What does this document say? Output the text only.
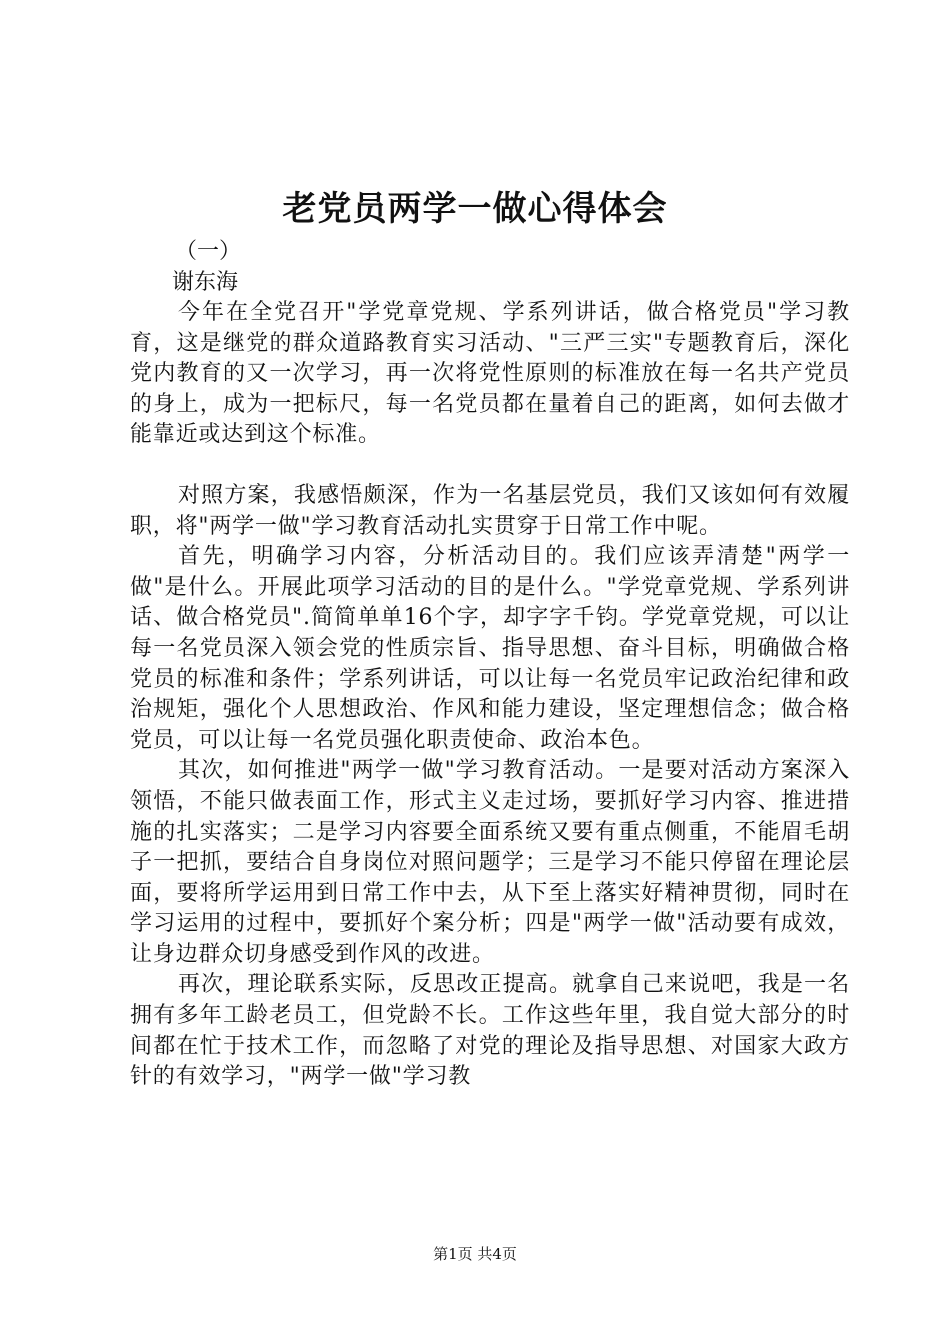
老党员两学一做心得体会
（一）
谢东海

今年在全党召开"学党章党规、学系列讲话，做合格党员"学习教育，这是继党的群众道路教育实习活动、"三严三实"专题教育后，深化党内教育的又一次学习，再一次将党性原则的标准放在每一名共产党员的身上，成为一把标尺，每一名党员都在量着自己的距离，如何去做才能靠近或达到这个标准。

对照方案，我感悟颇深，作为一名基层党员，我们又该如何有效履职，将"两学一做"学习教育活动扎实贯穿于日常工作中呢。

首先，明确学习内容，分析活动目的。我们应该弄清楚"两学一做"是什么。开展此项学习活动的目的是什么。"学党章党规、学系列讲话、做合格党员".简简单单16个字，却字字千钧。学党章党规，可以让每一名党员深入领会党的性质宗旨、指导思想、奋斗目标，明确做合格党员的标准和条件；学系列讲话，可以让每一名党员牢记政治纪律和政治规矩，强化个人思想政治、作风和能力建设，坚定理想信念；做合格党员，可以让每一名党员强化职责使命、政治本色。

其次，如何推进"两学一做"学习教育活动。一是要对活动方案深入领悟，不能只做表面工作，形式主义走过场，要抓好学习内容、推进措施的扎实落实；二是学习内容要全面系统又要有重点侧重，不能眉毛胡子一把抓，要结合自身岗位对照问题学；三是学习不能只停留在理论层面，要将所学运用到日常工作中去，从下至上落实好精神贯彻，同时在学习运用的过程中，要抓好个案分析；四是"两学一做"活动要有成效，让身边群众切身感受到作风的改进。

再次，理论联系实际，反思改正提高。就拿自己来说吧，我是一名拥有多年工龄老员工，但党龄不长。工作这些年里，我自觉大部分的时间都在忙于技术工作，而忽略了对党的理论及指导思想、对国家大政方针的有效学习，"两学一做"学习教

第1页 共4页
